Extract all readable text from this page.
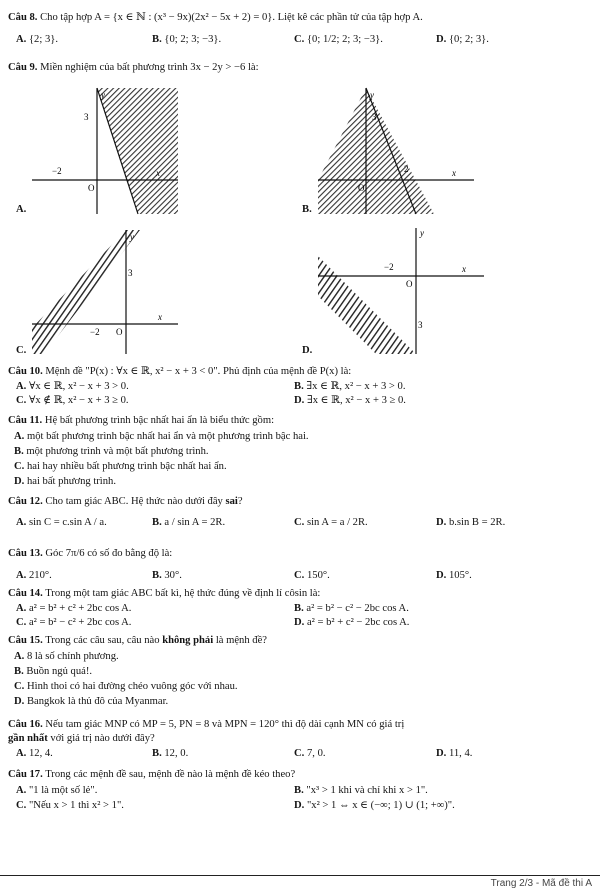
Câu 8. Cho tập hợp A = {x ∈ ℕ : (x³ − 9x)(2x² − 5x + 2) = 0}. Liệt kê các phần tử của tập hợp A.
A. {2; 3}.	B. {0; 2; 3; −3}.	C. {0; 1/2; 2; 3; −3}.	D. {0; 2; 3}.
Câu 9. Miền nghiệm của bất phương trình 3x − 2y > −6 là:
A.
3
−2
O
x
y
B.
3
2
O
x
y
C.
3
−2 O
x
y
D.
−2
O
3
x
y
Câu 10. Mệnh đề "P(x) : ∀x ∈ ℝ, x² − x + 3 < 0". Phủ định của mệnh đề P(x) là:
A. ∀x ∈ ℝ, x² − x + 3 > 0.	B. ∃x ∈ ℝ, x² − x + 3 > 0.
C. ∀x ∉ ℝ, x² − x + 3 ≥ 0.	D. ∃x ∈ ℝ, x² − x + 3 ≥ 0.
Câu 11. Hệ bất phương trình bậc nhất hai ẩn là biểu thức gồm:
A. một bất phương trình bậc nhất hai ẩn và một phương trình bậc hai.
B. một phương trình và một bất phương trình.
C. hai hay nhiều bất phương trình bậc nhất hai ẩn.
D. hai bất phương trình.
Câu 12. Cho tam giác ABC. Hệ thức nào dưới đây sai?
A. sin C = c.sin A / a.	B. a / sin A = 2R.	C. sin A = a / 2R.	D. b.sin B = 2R.
Câu 13. Góc 7π/6 có số đo bằng độ là:
A. 210°.	B. 30°.	C. 150°.	D. 105°.
Câu 14. Trong một tam giác ABC bất kì, hệ thức đúng về định lí côsin là:
A. a² = b² + c² + 2bc cos A.	B. a² = b² − c² − 2bc cos A.
C. a² = b² − c² + 2bc cos A.	D. a² = b² + c² − 2bc cos A.
Câu 15. Trong các câu sau, câu nào không phải là mệnh đề?
A. 8 là số chính phương.
B. Buồn ngủ quá!.
C. Hình thoi có hai đường chéo vuông góc với nhau.
D. Bangkok là thủ đô của Myanmar.
Câu 16. Nếu tam giác MNP có MP = 5, PN = 8 và MPN = 120° thì độ dài cạnh MN có giá trị
gần nhất với giá trị nào dưới đây?
A. 12, 4.	B. 12, 0.	C. 7, 0.	D. 11, 4.
Câu 17. Trong các mệnh đề sau, mệnh đề nào là mệnh đề kéo theo?
A. "1 là một số lẻ".	B. "x³ > 1 khi và chỉ khi x > 1".
C. "Nếu x > 1 thì x² > 1".	D. "x² > 1 ⇔ x ∈ (−∞; 1) ∪ (1; +∞)".
Trang 2/3 - Mã đề thi A
